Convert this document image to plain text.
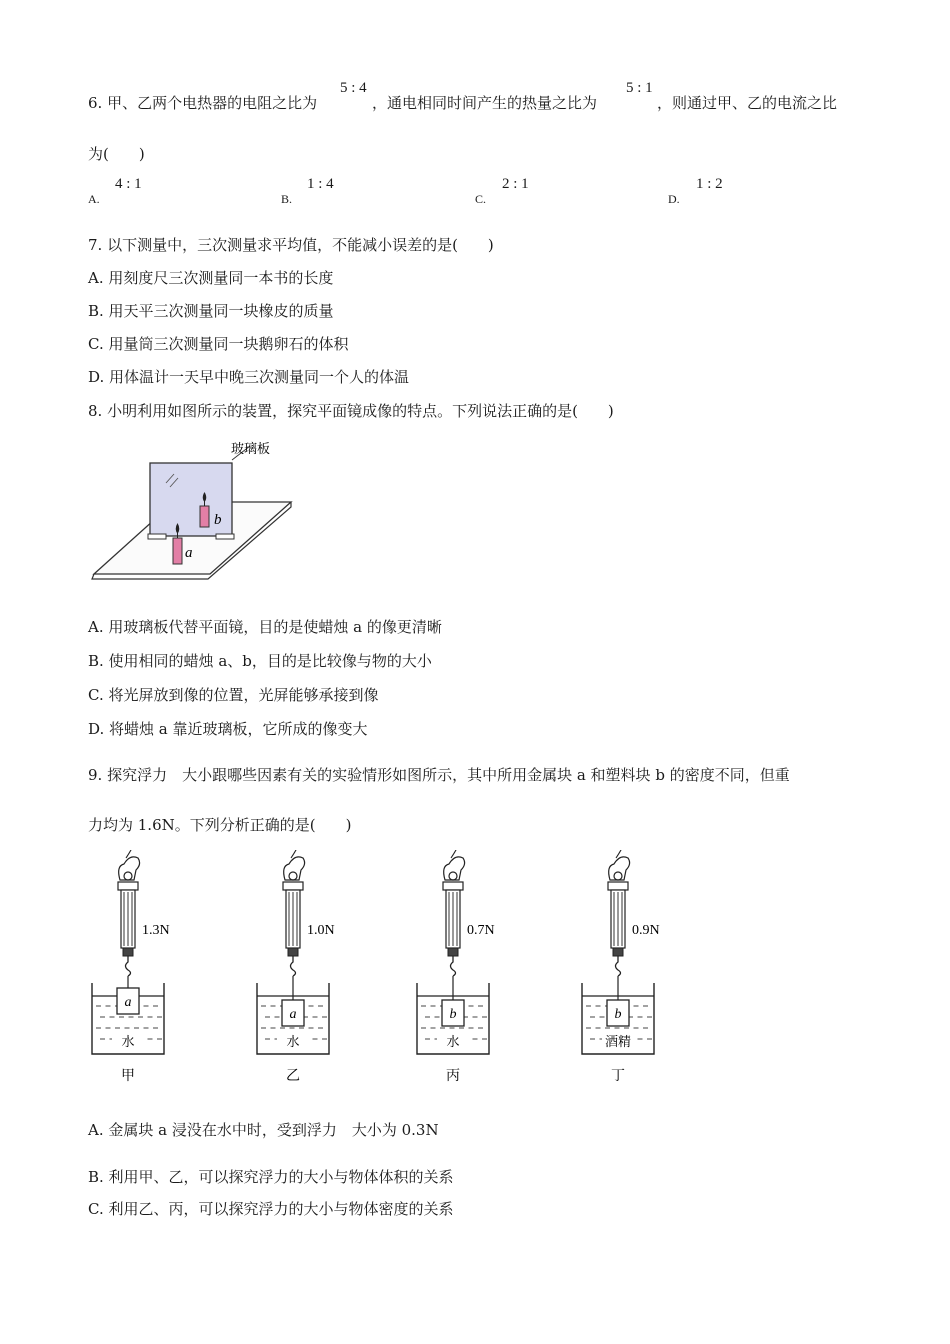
6. 甲、乙两个电热器的电阻之比为
5 : 4
，通电相同时间产生的热量之比为
5 : 1
，则通过甲、乙的电流之比
为(　　)
A.
4 : 1
B.
1 : 4
C.
2 : 1
D.
1 : 2
7. 以下测量中，三次测量求平均值，不能减小误差的是(　　)
A. 用刻度尺三次测量同一本书的长度
B. 用天平三次测量同一块橡皮的质量
C. 用量筒三次测量同一块鹅卵石的体积
D. 用体温计一天早中晚三次测量同一个人的体温
8. 小明利用如图所示的装置，探究平面镜成像的特点。下列说法正确的是(　　)
玻璃板
b
a
A. 用玻璃板代替平面镜，目的是使蜡烛 a 的像更清晰
B. 使用相同的蜡烛 a、b，目的是比较像与物的大小
C. 将光屏放到像的位置，光屏能够承接到像
D. 将蜡烛 a 靠近玻璃板，它所成的像变大
9. 探究浮力　大小跟哪些因素有关的实验情形如图所示，其中所用金属块 a 和塑料块 b 的密度不同，但重
力均为 1.6N。下列分析正确的是(　　)
1.3N
a
水
甲
1.0N
a
水
乙
0.7N
b
水
丙
0.9N
b
酒精
丁
A. 金属块 a 浸没在水中时，受到浮力　大小为 0.3N
B. 利用甲、乙，可以探究浮力的大小与物体体积的关系
C. 利用乙、丙，可以探究浮力的大小与物体密度的关系
